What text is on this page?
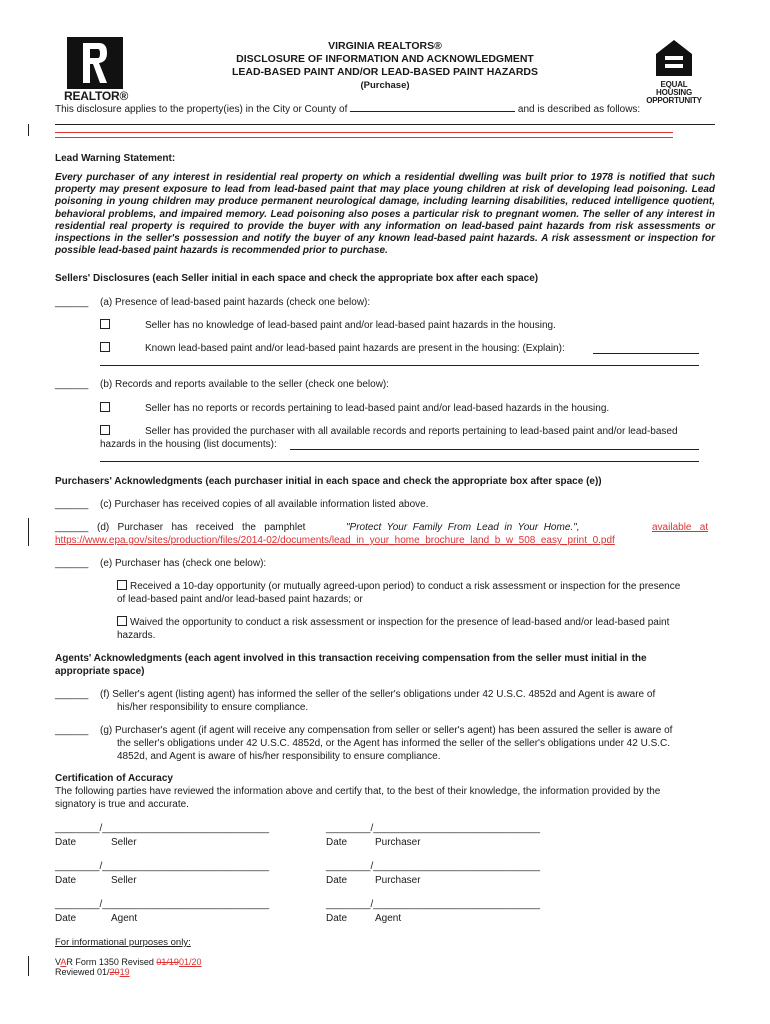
REALTOR®
EQUAL HOUSING
OPPORTUNITY
VIRGINIA REALTORS®
DISCLOSURE OF INFORMATION AND ACKNOWLEDGMENT
LEAD-BASED PAINT AND/OR LEAD-BASED PAINT HAZARDS
(Purchase)
This disclosure applies to the property(ies) in the City or County of	and is described as follows:
Lead Warning Statement:
Every purchaser of any interest in residential real property on which a residential dwelling was built prior to 1978 is notified that such property may present exposure to lead from lead-based paint that may place young children at risk of developing lead poisoning. Lead poisoning in young children may produce permanent neurological damage, including learning disabilities, reduced intelligence quotient, behavioral problems, and impaired memory. Lead poisoning also poses a particular risk to pregnant women. The seller of any interest in residential real property is required to provide the buyer with any information on lead-based paint hazards from risk assessments or inspections in the seller's possession and notify the buyer of any known lead-based paint hazards. A risk assessment or inspection for possible lead-based paint hazards is recommended prior to purchase.
Sellers' Disclosures (each Seller initial in each space and check the appropriate box after each space)
______ (a) Presence of lead-based paint hazards (check one below):
Seller has no knowledge of lead-based paint and/or lead-based paint hazards in the housing.
Known lead-based paint and/or lead-based paint hazards are present in the housing: (Explain):
______ (b) Records and reports available to the seller (check one below):
Seller has no reports or records pertaining to lead-based paint and/or lead-based hazards in the housing.
Seller has provided the purchaser with all available records and reports pertaining to lead-based paint and/or lead-based
hazards in the housing (list documents):
Purchasers' Acknowledgments (each purchaser initial in each space and check the appropriate box after space (e))
______ (c) Purchaser has received copies of all available information listed above.
______ (d)   Purchaser   has   received   the   pamphlet	"Protect  Your  Family  From  Lead  in  Your  Home.",	available   at
https://www.epa.gov/sites/production/files/2014-02/documents/lead_in_your_home_brochure_land_b_w_508_easy_print_0.pdf
______ (e) Purchaser has (check one below):
Received a 10-day opportunity (or mutually agreed-upon period) to conduct a risk assessment or inspection for the presence
of lead-based paint and/or lead-based paint hazards; or
Waived the opportunity to conduct a risk assessment or inspection for the presence of lead-based and/or lead-based paint
hazards.
Agents' Acknowledgments (each agent involved in this transaction receiving compensation from the seller must initial in the
appropriate space)
______ (f) Seller's agent (listing agent) has informed the seller of the seller's obligations under 42 U.S.C. 4852d and Agent is aware of
his/her responsibility to ensure compliance.
______ (g) Purchaser's agent (if agent will receive any compensation from seller or seller's agent) has been assured the seller is aware of
the seller's obligations under 42 U.S.C. 4852d, or the Agent has informed the seller of the seller's obligations under 42 U.S.C.
4852d, and Agent is aware of his/her responsibility to ensure compliance.
Certification of Accuracy
The following parties have reviewed the information above and certify that, to the best of their knowledge, the information provided by the
signatory is true and accurate.
________/______________________________
Date	Seller
________/______________________________
Date	Purchaser
________/______________________________
Date	Seller
________/______________________________
Date	Purchaser
________/______________________________
Date	Agent
________/______________________________
Date	Agent
For informational purposes only:
VAR Form 1350 Revised 01/1901/20
Reviewed 01/2019
